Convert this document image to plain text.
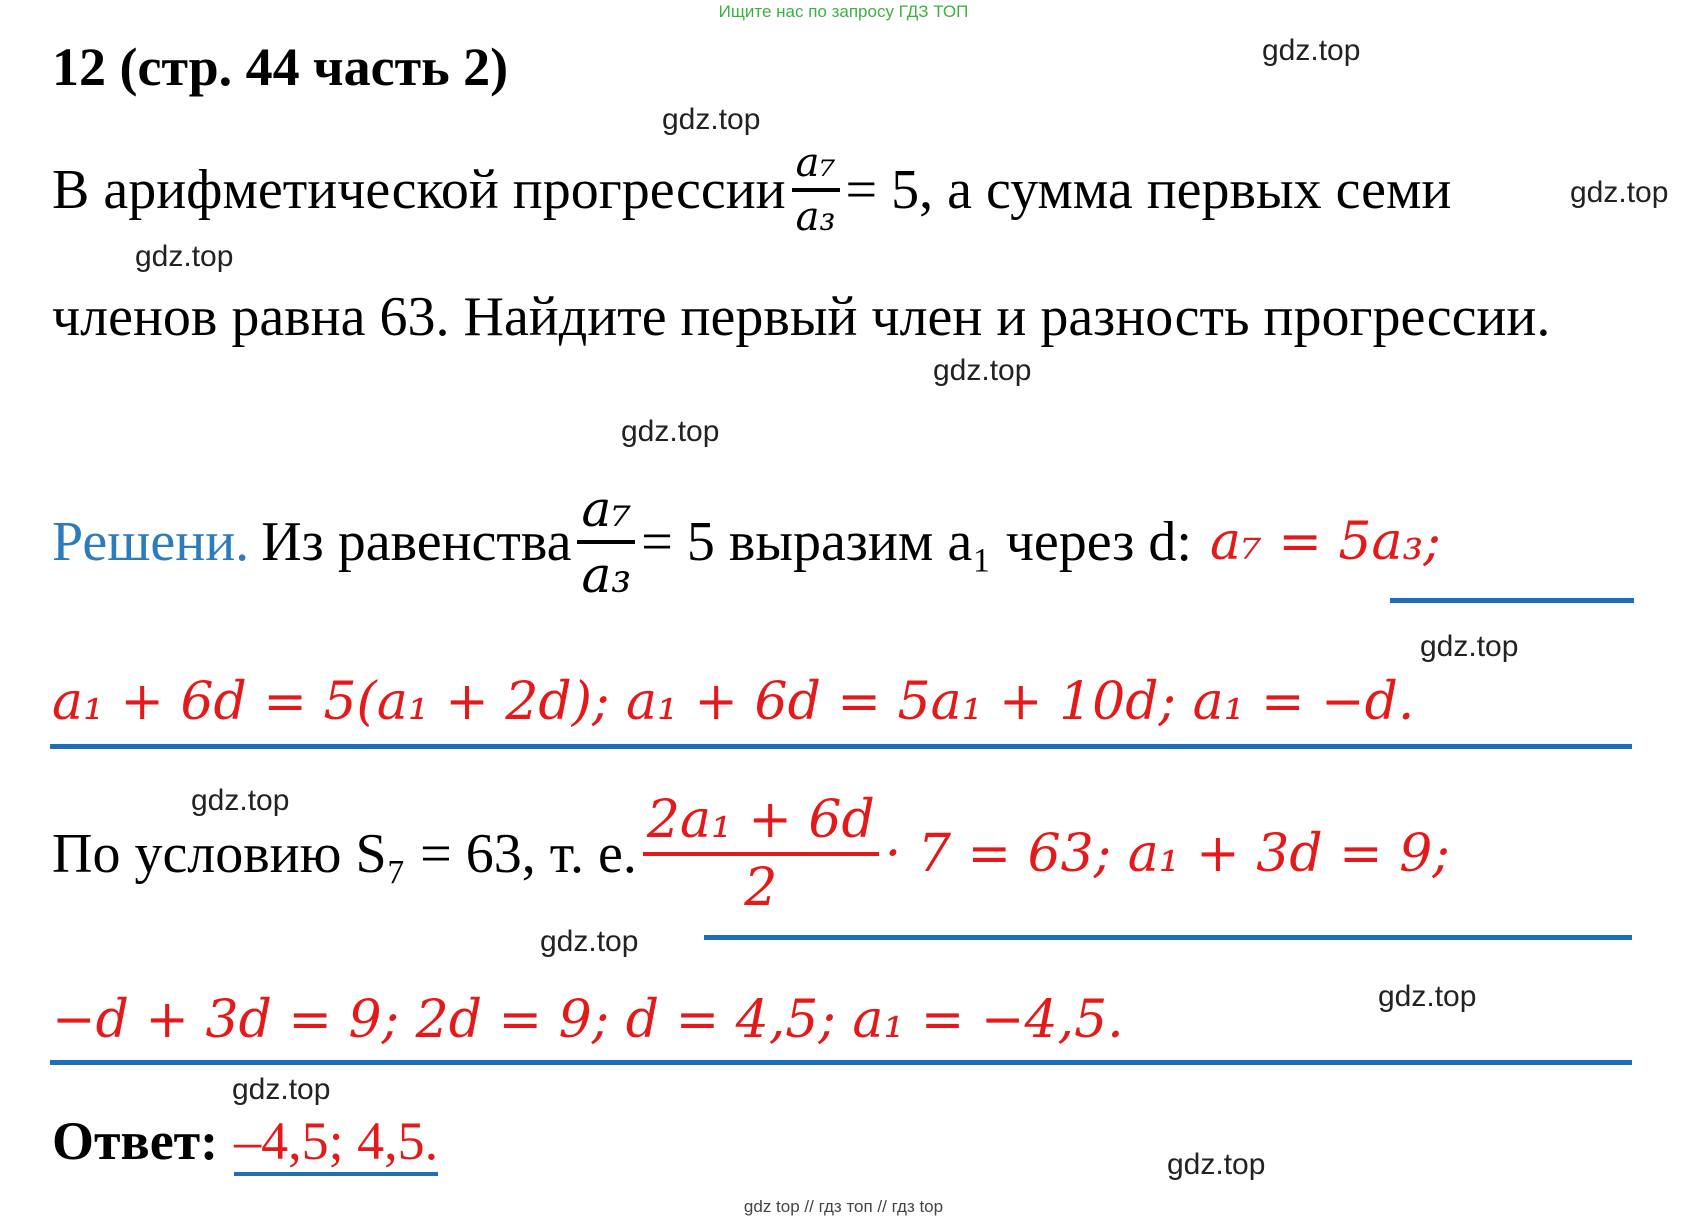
Ищите нас по запросу ГДЗ ТОП
12 (стр. 44 часть 2)
В арифметической прогрессии $\frac{\text{a₇}}{\text{a₃}} = 5$, а сумма первых семи
членов равна 63. Найдите первый член и разность прогрессии.
Решени. Из равенства $\frac{\text{a₇}}{\text{a₃}} = 5$ выразим a₁ через d: a₇ = 5a₃;
a₁ + 6d = 5(a₁ + 2d); a₁ + 6d = 5a₁ + 10d; a₁ = −d.
По условию S₇ = 63, т. е. $\frac{\text{2a₁ + 6d}}{2} \cdot 7 = 63$; a₁ + 3d = 9;
−d + 3d = 9; 2d = 9; d = 4,5; a₁ = −4,5.
Ответ: –4,5; 4,5.
gdz.top
gdz.top
gdz.top
gdz.top
gdz.top
gdz.top
gdz.top
gdz.top
gdz.top
gdz.top
gdz.top
gdz.top
gdz top // гдз топ // гдз top
